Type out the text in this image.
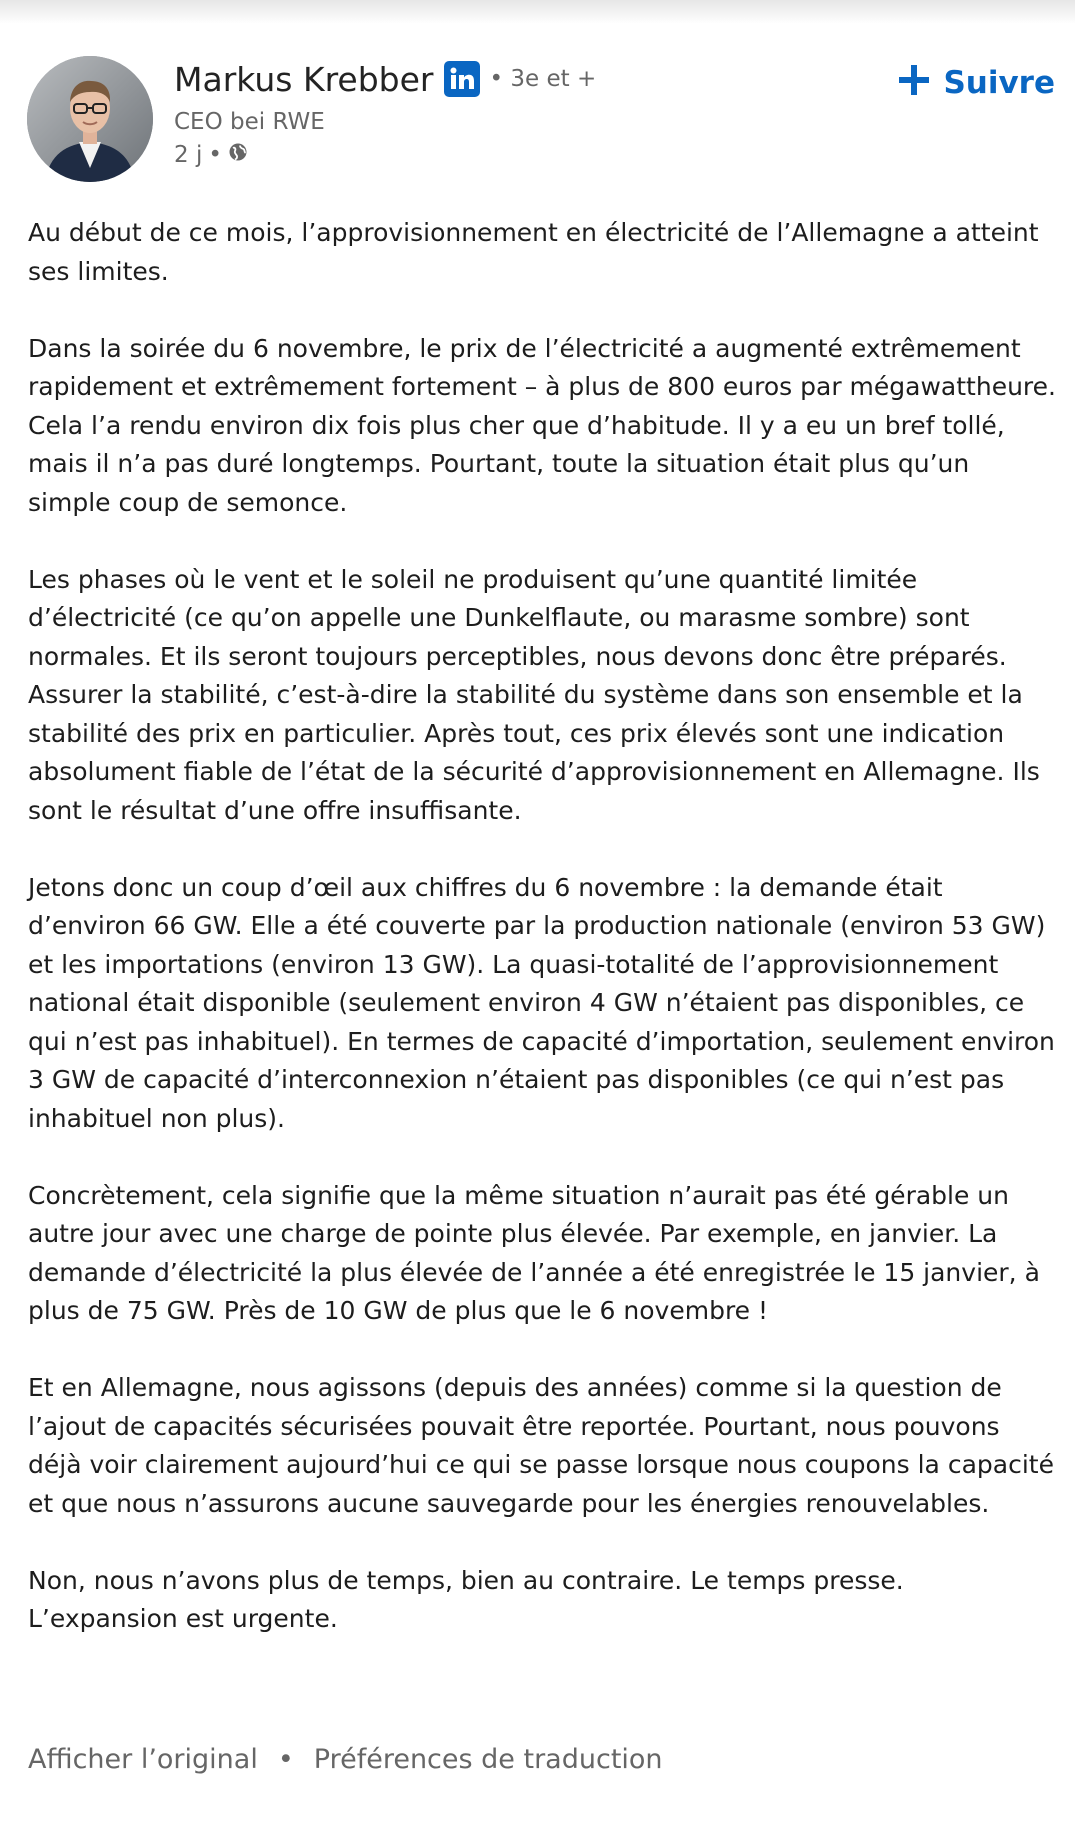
Markus Krebber • 3e et +
CEO bei RWE
2 j •
Suivre

Au début de ce mois, l’approvisionnement en électricité de l’Allemagne a atteint ses limites.

Dans la soirée du 6 novembre, le prix de l’électricité a augmenté extrêmement rapidement et extrêmement fortement – à plus de 800 euros par mégawattheure. Cela l’a rendu environ dix fois plus cher que d’habitude. Il y a eu un bref tollé, mais il n’a pas duré longtemps. Pourtant, toute la situation était plus qu’un simple coup de semonce.

Les phases où le vent et le soleil ne produisent qu’une quantité limitée d’électricité (ce qu’on appelle une Dunkelflaute, ou marasme sombre) sont normales. Et ils seront toujours perceptibles, nous devons donc être préparés. Assurer la stabilité, c’est-à-dire la stabilité du système dans son ensemble et la stabilité des prix en particulier. Après tout, ces prix élevés sont une indication absolument fiable de l’état de la sécurité d’approvisionnement en Allemagne. Ils sont le résultat d’une offre insuffisante.

Jetons donc un coup d’œil aux chiffres du 6 novembre : la demande était d’environ 66 GW. Elle a été couverte par la production nationale (environ 53 GW) et les importations (environ 13 GW). La quasi-totalité de l’approvisionnement national était disponible (seulement environ 4 GW n’étaient pas disponibles, ce qui n’est pas inhabituel). En termes de capacité d’importation, seulement environ 3 GW de capacité d’interconnexion n’étaient pas disponibles (ce qui n’est pas inhabituel non plus).

Concrètement, cela signifie que la même situation n’aurait pas été gérable un autre jour avec une charge de pointe plus élevée. Par exemple, en janvier. La demande d’électricité la plus élevée de l’année a été enregistrée le 15 janvier, à plus de 75 GW. Près de 10 GW de plus que le 6 novembre !

Et en Allemagne, nous agissons (depuis des années) comme si la question de l’ajout de capacités sécurisées pouvait être reportée. Pourtant, nous pouvons déjà voir clairement aujourd’hui ce qui se passe lorsque nous coupons la capacité et que nous n’assurons aucune sauvegarde pour les énergies renouvelables.

Non, nous n’avons plus de temps, bien au contraire. Le temps presse. L’expansion est urgente.

Afficher l’original • Préférences de traduction
